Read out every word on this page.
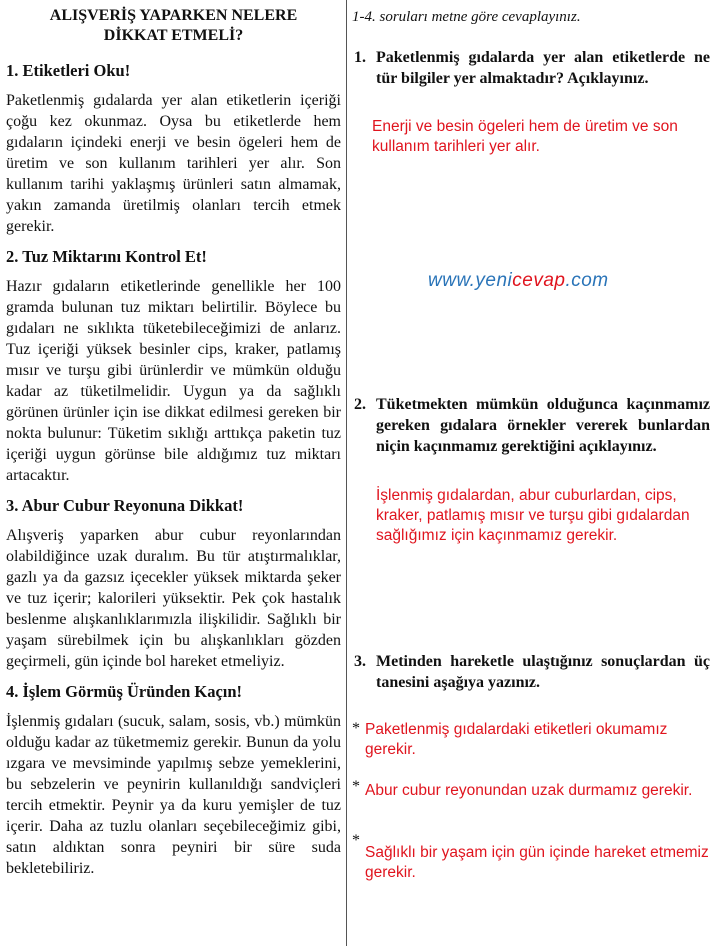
ALIŞVERİŞ YAPARKEN NELERE
DİKKAT ETMELİ?
1. Etiketleri Oku!
Paketlenmiş gıdalarda yer alan etiketlerin içeriği çoğu kez okunmaz. Oysa bu etiketlerde hem gıdaların içindeki enerji ve besin ögeleri hem de üretim ve son kullanım tarihleri yer alır. Son kullanım tarihi yaklaşmış ürünleri satın almamak, yakın zamanda üretilmiş olanları tercih etmek gerekir.
2. Tuz Miktarını Kontrol Et!
Hazır gıdaların etiketlerinde genellikle her 100 gramda bulunan tuz miktarı belirtilir. Böylece bu gıdaları ne sıklıkta tüketebileceğimizi de anlarız. Tuz içeriği yüksek besinler cips, kraker, patlamış mısır ve turşu gibi ürünlerdir ve mümkün olduğu kadar az tüketilmelidir. Uygun ya da sağlıklı görünen ürünler için ise dikkat edilmesi gereken bir nokta bulunur: Tüketim sıklığı arttıkça paketin tuz içeriği uygun görünse bile aldığımız tuz miktarı artacaktır.
3. Abur Cubur Reyonuna Dikkat!
Alışveriş yaparken abur cubur reyonlarından olabildiğince uzak duralım. Bu tür atıştırmalıklar, gazlı ya da gazsız içecekler yüksek miktarda şeker ve tuz içerir; kalorileri yüksektir. Pek çok hastalık beslenme alışkanlıklarımızla ilişkilidir. Sağlıklı bir yaşam sürebilmek için bu alışkanlıkları gözden geçirmeli, gün içinde bol hareket etmeliyiz.
4. İşlem Görmüş Üründen Kaçın!
İşlenmiş gıdaları (sucuk, salam, sosis, vb.) mümkün olduğu kadar az tüketmemiz gerekir. Bunun da yolu ızgara ve mevsiminde yapılmış sebze yemeklerini, bu sebzelerin ve peynirin kullanıldığı sandviçleri tercih etmektir. Peynir ya da kuru yemişler de tuz içerir. Daha az tuzlu olanları seçebileceğimiz gibi, satın aldıktan sonra peyniri bir süre suda bekletebiliriz.
1-4. soruları metne göre cevaplayınız.
1. Paketlenmiş gıdalarda yer alan etiketlerde ne tür bilgiler yer almaktadır? Açıklayınız.
Enerji ve besin ögeleri hem de üretim ve son kullanım tarihleri yer alır.
www.yenicevap.com
2. Tüketmekten mümkün olduğunca kaçınmamız gereken gıdalara örnekler vererek bunlardan niçin kaçınmamız gerektiğini açıklayınız.
İşlenmiş gıdalardan, abur cuburlardan, cips, kraker, patlamış mısır ve turşu gibi gıdalardan sağlığımız için kaçınmamız gerekir.
3. Metinden hareketle ulaştığınız sonuçlardan üç tanesini aşağıya yazınız.
* Paketlenmiş gıdalardaki etiketleri okumamız gerekir.
* Abur cubur reyonundan uzak durmamız gerekir.
*
Sağlıklı bir yaşam için gün içinde hareket etmemiz gerekir.
